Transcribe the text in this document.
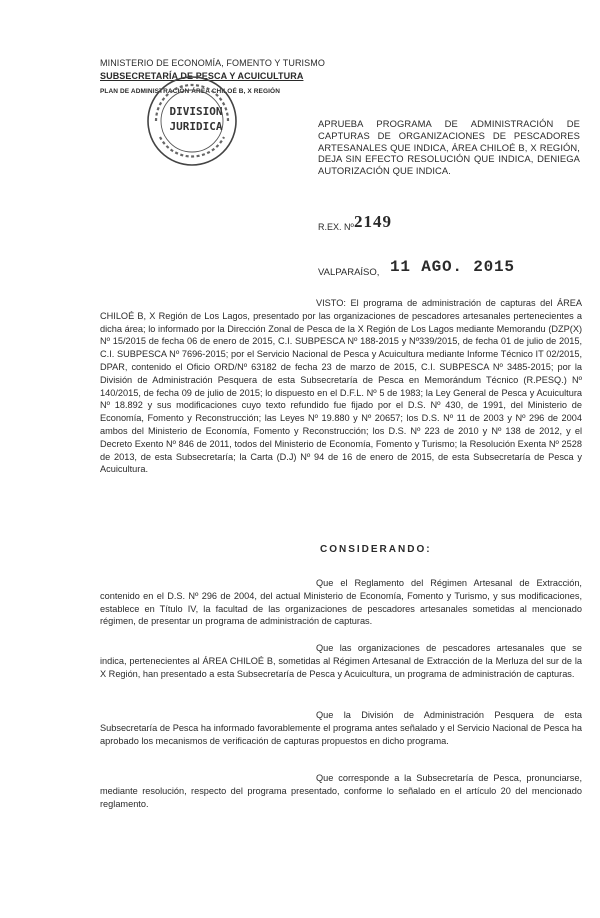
MINISTERIO DE ECONOMÍA, FOMENTO Y TURISMO
SUBSECRETARÍA DE PESCA Y ACUICULTURA
PLAN DE ADMINISTRACIÓN ÁREA CHILOÉ B, X REGIÓN
DIVISION
JURIDICA	APRUEBA PROGRAMA DE ADMINISTRACIÓN DE CAPTURAS DE ORGANIZACIONES DE PESCADORES ARTESANALES QUE INDICA, ÁREA CHILOÉ B, X REGIÓN, DEJA SIN EFECTO RESOLUCIÓN QUE INDICA, DENIEGA AUTORIZACIÓN QUE INDICA.
R.EX. Nº 2149
VALPARAÍSO, 11 AGO. 2015
VISTO: El programa de administración de capturas del ÁREA CHILOÉ B, X Región de Los Lagos, presentado por las organizaciones de pescadores artesanales pertenecientes a dicha área; lo informado por la Dirección Zonal de Pesca de la X Región de Los Lagos mediante Memorandu (DZP(X) Nº 15/2015 de fecha 06 de enero de 2015, C.I. SUBPESCA Nº 188-2015 y Nº339/2015, de fecha 01 de julio de 2015, C.I. SUBPESCA Nº 7696-2015; por el Servicio Nacional de Pesca y Acuicultura mediante Informe Técnico IT 02/2015, DPAR, contenido el Oficio ORD/Nº 63182 de fecha 23 de marzo de 2015, C.I. SUBPESCA Nº 3485-2015; por la División de Administración Pesquera de esta Subsecretaría de Pesca en Memorándum Técnico (R.PESQ.) Nº 140/2015, de fecha 09 de julio de 2015; lo dispuesto en el D.F.L. Nº 5 de 1983; la Ley General de Pesca y Acuicultura Nº 18.892 y sus modificaciones cuyo texto refundido fue fijado por el D.S. Nº 430, de 1991, del Ministerio de Economía, Fomento y Reconstrucción; las Leyes Nº 19.880 y Nº 20657; los D.S. Nº 11 de 2003 y Nº 296 de 2004 ambos del Ministerio de Economía, Fomento y Reconstrucción; los D.S. Nº 223 de 2010 y Nº 138 de 2012, y el Decreto Exento Nº 846 de 2011, todos del Ministerio de Economía, Fomento y Turismo; la Resolución Exenta Nº 2528 de 2013, de esta Subsecretaría; la Carta (D.J) Nº 94 de 16 de enero de 2015, de esta Subsecretaría de Pesca y Acuicultura.
CONSIDERANDO:
Que el Reglamento del Régimen Artesanal de Extracción, contenido en el D.S. Nº 296 de 2004, del actual Ministerio de Economía, Fomento y Turismo, y sus modificaciones, establece en Título IV, la facultad de las organizaciones de pescadores artesanales sometidas al mencionado régimen, de presentar un programa de administración de capturas.
Que las organizaciones de pescadores artesanales que se indica, pertenecientes al ÁREA CHILOÉ B, sometidas al Régimen Artesanal de Extracción de la Merluza del sur de la X Región, han presentado a esta Subsecretaría de Pesca y Acuicultura, un programa de administración de capturas.
Que la División de Administración Pesquera de esta Subsecretaría de Pesca ha informado favorablemente el programa antes señalado y el Servicio Nacional de Pesca ha aprobado los mecanismos de verificación de capturas propuestos en dicho programa.
Que corresponde a la Subsecretaría de Pesca, pronunciarse, mediante resolución, respecto del programa presentado, conforme lo señalado en el artículo 20 del mencionado reglamento.
